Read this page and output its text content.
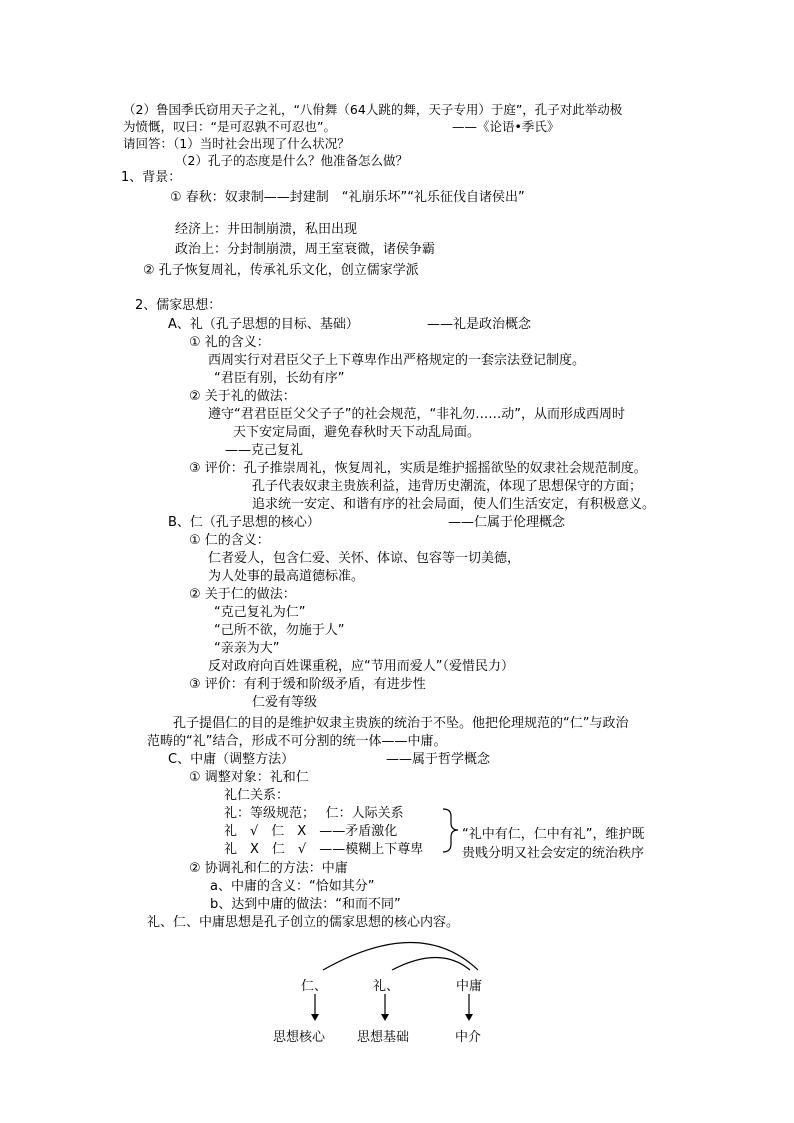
（2）鲁国季氏窃用天子之礼，“八佾舞（64人跳的舞，天子专用）于庭”，孔子对此举动极
为愤慨，叹曰：“是可忍孰不可忍也”。	——《论语•季氏》
请回答：（1）当时社会出现了什么状况？
（2）孔子的态度是什么？他准备怎么做？
1、背景：
① 春秋：奴隶制——封建制　“礼崩乐坏”“礼乐征伐自诸侯出”
经济上：井田制崩溃，私田出现
政治上：分封制崩溃，周王室衰微，诸侯争霸
② 孔子恢复周礼，传承礼乐文化，创立儒家学派
2、儒家思想：
A、礼（孔子思想的目标、基础）	——礼是政治概念
① 礼的含义：
西周实行对君臣父子上下尊卑作出严格规定的一套宗法登记制度。
“君臣有别，长幼有序”
② 关于礼的做法：
遵守“君君臣臣父父子子”的社会规范，“非礼勿……动”，从而形成西周时
天下安定局面，避免春秋时天下动乱局面。
——克己复礼
③ 评价：孔子推崇周礼，恢复周礼，实质是维护摇摇欲坠的奴隶社会规范制度。
孔子代表奴隶主贵族利益，违背历史潮流，体现了思想保守的方面；
追求统一安定、和谐有序的社会局面，使人们生活安定，有积极意义。
B、仁（孔子思想的核心）	——仁属于伦理概念
① 仁的含义：
仁者爱人，包含仁爱、关怀、体谅、包容等一切美德，
为人处事的最高道德标准。
② 关于仁的做法：
“克己复礼为仁”
“己所不欲，勿施于人”
“亲亲为大”
反对政府向百姓课重税，应“节用而爱人”（爱惜民力）
③ 评价：有利于缓和阶级矛盾，有进步性
仁爱有等级
孔子提倡仁的目的是维护奴隶主贵族的统治于不坠。他把伦理规范的“仁”与政治
范畴的“礼”结合，形成不可分割的统一体——中庸。
C、中庸（调整方法）	——属于哲学概念
① 调整对象：礼和仁
礼仁关系：
礼：等级规范；　 仁：人际关系
礼　√　仁　X　——矛盾激化
礼　X　仁　√　——模糊上下尊卑
“礼中有仁，仁中有礼”，维护既
贵贱分明又社会安定的统治秩序
② 协调礼和仁的方法：中庸
a、中庸的含义：“恰如其分”
b、达到中庸的做法：“和而不同”
礼、仁、中庸思想是孔子创立的儒家思想的核心内容。
仁、	礼、	中庸
思想核心 思想基础	中介
